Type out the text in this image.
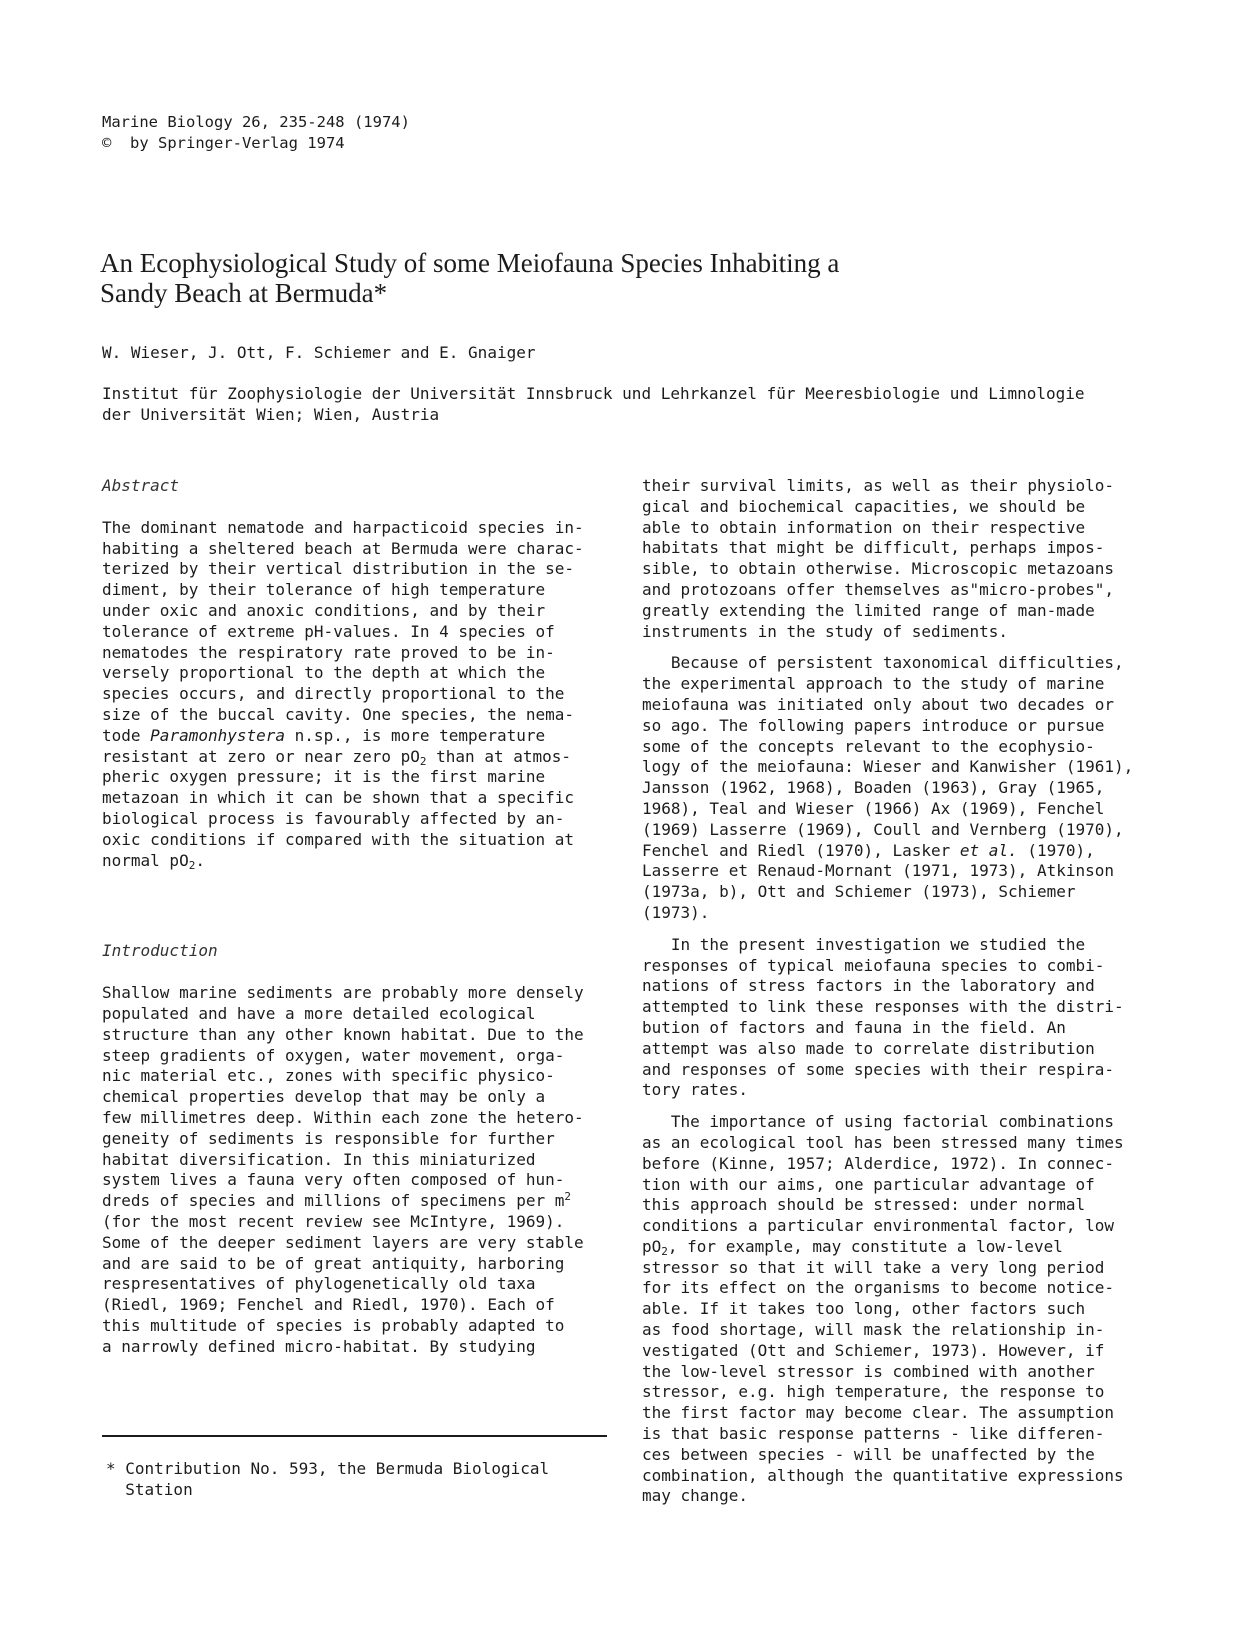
Marine Biology 26, 235-248 (1974)
©  by Springer-Verlag 1974
An Ecophysiological Study of some Meiofauna Species Inhabiting a
Sandy Beach at Bermuda*
W. Wieser, J. Ott, F. Schiemer and E. Gnaiger
Institut für Zoophysiologie der Universität Innsbruck und Lehrkanzel für Meeresbiologie und Limnologie
der Universität Wien; Wien, Austria
Abstract
The dominant nematode and harpacticoid species in-
habiting a sheltered beach at Bermuda were charac-
terized by their vertical distribution in the se-
diment, by their tolerance of high temperature
under oxic and anoxic conditions, and by their
tolerance of extreme pH-values. In 4 species of
nematodes the respiratory rate proved to be in-
versely proportional to the depth at which the
species occurs, and directly proportional to the
size of the buccal cavity. One species, the nema-
tode Paramonhystera n.sp., is more temperature
resistant at zero or near zero $pO_2$ than at atmos-
pheric oxygen pressure; it is the first marine
metazoan in which it can be shown that a specific
biological process is favourably affected by an-
oxic conditions if compared with the situation at
normal $pO_2$.
Introduction
Shallow marine sediments are probably more densely
populated and have a more detailed ecological
structure than any other known habitat. Due to the
steep gradients of oxygen, water movement, orga-
nic material etc., zones with specific physico-
chemical properties develop that may be only a
few millimetres deep. Within each zone the hetero-
geneity of sediments is responsible for further
habitat diversification. In this miniaturized
system lives a fauna very often composed of hun-
dreds of species and millions of specimens per $m^2$
(for the most recent review see McIntyre, 1969).
Some of the deeper sediment layers are very stable
and are said to be of great antiquity, harboring
respresentatives of phylogenetically old taxa
(Riedl, 1969; Fenchel and Riedl, 1970). Each of
this multitude of species is probably adapted to
a narrowly defined micro-habitat. By studying
their survival limits, as well as their physiolo-
gical and biochemical capacities, we should be
able to obtain information on their respective
habitats that might be difficult, perhaps impos-
sible, to obtain otherwise. Microscopic metazoans
and protozoans offer themselves as"micro-probes",
greatly extending the limited range of man-made
instruments in the study of sediments.
Because of persistent taxonomical difficulties,
the experimental approach to the study of marine
meiofauna was initiated only about two decades or
so ago. The following papers introduce or pursue
some of the concepts relevant to the ecophysio-
logy of the meiofauna: Wieser and Kanwisher (1961),
Jansson (1962, 1968), Boaden (1963), Gray (1965,
1968), Teal and Wieser (1966) Ax (1969), Fenchel
(1969) Lasserre (1969), Coull and Vernberg (1970),
Fenchel and Riedl (1970), Lasker et al. (1970),
Lasserre et Renaud-Mornant (1971, 1973), Atkinson
(1973a, b), Ott and Schiemer (1973), Schiemer
(1973).
In the present investigation we studied the
responses of typical meiofauna species to combi-
nations of stress factors in the laboratory and
attempted to link these responses with the distri-
bution of factors and fauna in the field. An
attempt was also made to correlate distribution
and responses of some species with their respira-
tory rates.
The importance of using factorial combinations
as an ecological tool has been stressed many times
before (Kinne, 1957; Alderdice, 1972). In connec-
tion with our aims, one particular advantage of
this approach should be stressed: under normal
conditions a particular environmental factor, low
$pO_2$, for example, may constitute a low-level
stressor so that it will take a very long period
for its effect on the organisms to become notice-
able. If it takes too long, other factors such
as food shortage, will mask the relationship in-
vestigated (Ott and Schiemer, 1973). However, if
the low-level stressor is combined with another
stressor, e.g. high temperature, the response to
the first factor may become clear. The assumption
is that basic response patterns - like differen-
ces between species - will be unaffected by the
combination, although the quantitative expressions
may change.
* Contribution No. 593, the Bermuda Biological
Station
